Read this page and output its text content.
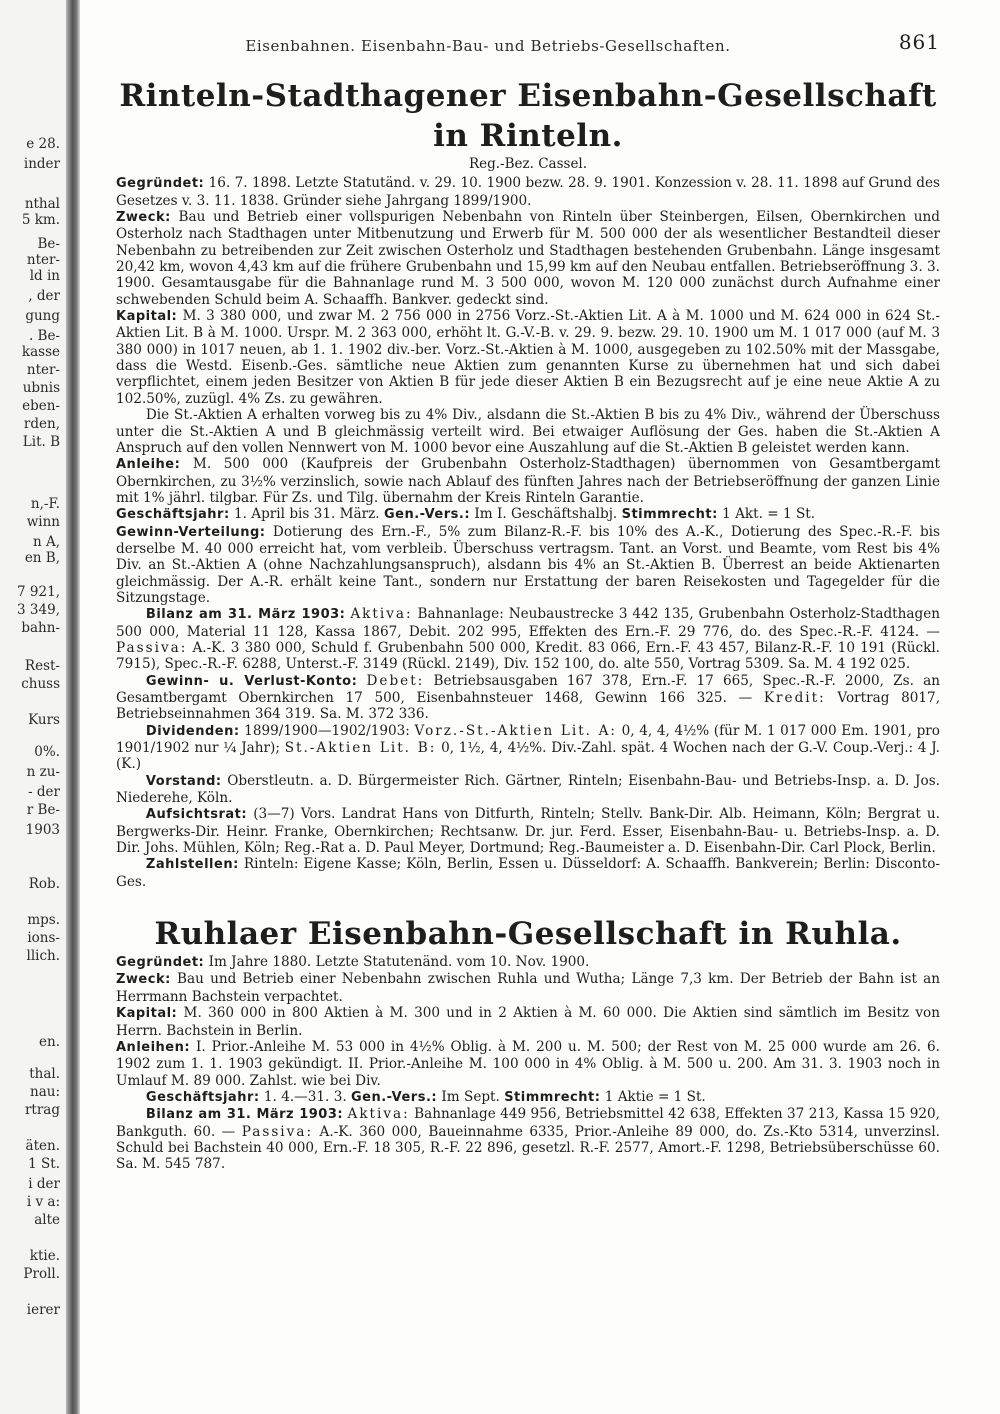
e 28.
inder
nthal
5 km.
Be-
nter-
ld in
, der
gung
. Be-
kasse
nter-
ubnis
eben-
rden,
Lit. B
n,-F.
winn
n A,
en B,
7 921,
3 349,
bahn-
Rest-
chuss
Kurs
0%.
n zu-
- der
r Be-
1903
Rob.
mps.
ions-
llich.
en.
thal.
nau:
rtrag
äten.
1 St.
i der
i v a:
alte
ktie.
Proll.
ierer
Eisenbahnen. Eisenbahn-Bau- und Betriebs-Gesellschaften.	861
Rinteln-Stadthagener Eisenbahn-Gesellschaft in Rinteln.

Reg.-Bez. Cassel.

Gegründet: 16. 7. 1898. Letzte Statutänd. v. 29. 10. 1900 bezw. 28. 9. 1901. Konzession v. 28. 11. 1898 auf Grund des Gesetzes v. 3. 11. 1838. Gründer siehe Jahrgang 1899/1900.

Zweck: Bau und Betrieb einer vollspurigen Nebenbahn von Rinteln über Steinbergen, Eilsen, Obernkirchen und Osterholz nach Stadthagen unter Mitbenutzung und Erwerb für M. 500 000 der als wesentlicher Bestandteil dieser Nebenbahn zu betreibenden zur Zeit zwischen Osterholz und Stadthagen bestehenden Grubenbahn. Länge insgesamt 20,42 km, wovon 4,43 km auf die frühere Grubenbahn und 15,99 km auf den Neubau entfallen. Betriebseröffnung 3. 3. 1900. Gesamtausgabe für die Bahnanlage rund M. 3 500 000, wovon M. 120 000 zunächst durch Aufnahme einer schwebenden Schuld beim A. Schaaffh. Bankver. gedeckt sind.

Kapital: M. 3 380 000, und zwar M. 2 756 000 in 2756 Vorz.-St.-Aktien Lit. A à M. 1000 und M. 624 000 in 624 St.-Aktien Lit. B à M. 1000. Urspr. M. 2 363 000, erhöht lt. G.-V.-B. v. 29. 9. bezw. 29. 10. 1900 um M. 1 017 000 (auf M. 3 380 000) in 1017 neuen, ab 1. 1. 1902 div.-ber. Vorz.-St.-Aktien à M. 1000, ausgegeben zu 102.50% mit der Massgabe, dass die Westd. Eisenb.-Ges. sämtliche neue Aktien zum genannten Kurse zu übernehmen hat und sich dabei verpflichtet, einem jeden Besitzer von Aktien B für jede dieser Aktien B ein Bezugsrecht auf je eine neue Aktie A zu 102.50%, zuzügl. 4% Zs. zu gewähren.

Die St.-Aktien A erhalten vorweg bis zu 4% Div., alsdann die St.-Aktien B bis zu 4% Div., während der Überschuss unter die St.-Aktien A und B gleichmässig verteilt wird. Bei etwaiger Auflösung der Ges. haben die St.-Aktien A Anspruch auf den vollen Nennwert von M. 1000 bevor eine Auszahlung auf die St.-Aktien B geleistet werden kann.

Anleihe: M. 500 000 (Kaufpreis der Grubenbahn Osterholz-Stadthagen) übernommen von Gesamtbergamt Obernkirchen, zu 3½% verzinslich, sowie nach Ablauf des fünften Jahres nach der Betriebseröffnung der ganzen Linie mit 1% jährl. tilgbar. Für Zs. und Tilg. übernahm der Kreis Rinteln Garantie.

Geschäftsjahr: 1. April bis 31. März. Gen.-Vers.: Im I. Geschäftshalbj. Stimmrecht: 1 Akt. = 1 St.

Gewinn-Verteilung: Dotierung des Ern.-F., 5% zum Bilanz-R.-F. bis 10% des A.-K., Dotierung des Spec.-R.-F. bis derselbe M. 40 000 erreicht hat, vom verbleib. Überschuss vertragsm. Tant. an Vorst. und Beamte, vom Rest bis 4% Div. an St.-Aktien A (ohne Nachzahlungsanspruch), alsdann bis 4% an St.-Aktien B. Überrest an beide Aktienarten gleichmässig. Der A.-R. erhält keine Tant., sondern nur Erstattung der baren Reisekosten und Tagegelder für die Sitzungstage.

Bilanz am 31. März 1903: Aktiva: Bahnanlage: Neubaustrecke 3 442 135, Grubenbahn Osterholz-Stadthagen 500 000, Material 11 128, Kassa 1867, Debit. 202 995, Effekten des Ern.-F. 29 776, do. des Spec.-R.-F. 4124. — Passiva: A.-K. 3 380 000, Schuld f. Grubenbahn 500 000, Kredit. 83 066, Ern.-F. 43 457, Bilanz-R.-F. 10 191 (Rückl. 7915), Spec.-R.-F. 6288, Unterst.-F. 3149 (Rückl. 2149), Div. 152 100, do. alte 550, Vortrag 5309. Sa. M. 4 192 025.

Gewinn- u. Verlust-Konto: Debet: Betriebsausgaben 167 378, Ern.-F. 17 665, Spec.-R.-F. 2000, Zs. an Gesamtbergamt Obernkirchen 17 500, Eisenbahnsteuer 1468, Gewinn 166 325. — Kredit: Vortrag 8017, Betriebseinnahmen 364 319. Sa. M. 372 336.

Dividenden: 1899/1900—1902/1903: Vorz.-St.-Aktien Lit. A: 0, 4, 4, 4½% (für M. 1 017 000 Em. 1901, pro 1901/1902 nur ¼ Jahr); St.-Aktien Lit. B: 0, 1½, 4, 4½%. Div.-Zahl. spät. 4 Wochen nach der G.-V. Coup.-Verj.: 4 J. (K.)

Vorstand: Oberstleutn. a. D. Bürgermeister Rich. Gärtner, Rinteln; Eisenbahn-Bau- und Betriebs-Insp. a. D. Jos. Niederehe, Köln.

Aufsichtsrat: (3—7) Vors. Landrat Hans von Ditfurth, Rinteln; Stellv. Bank-Dir. Alb. Heimann, Köln; Bergrat u. Bergwerks-Dir. Heinr. Franke, Obernkirchen; Rechtsanw. Dr. jur. Ferd. Esser, Eisenbahn-Bau- u. Betriebs-Insp. a. D. Dir. Johs. Mühlen, Köln; Reg.-Rat a. D. Paul Meyer, Dortmund; Reg.-Baumeister a. D. Eisenbahn-Dir. Carl Plock, Berlin.

Zahlstellen: Rinteln: Eigene Kasse; Köln, Berlin, Essen u. Düsseldorf: A. Schaaffh. Bankverein; Berlin: Disconto-Ges.

Ruhlaer Eisenbahn-Gesellschaft in Ruhla.

Gegründet: Im Jahre 1880. Letzte Statutenänd. vom 10. Nov. 1900.

Zweck: Bau und Betrieb einer Nebenbahn zwischen Ruhla und Wutha; Länge 7,3 km. Der Betrieb der Bahn ist an Herrmann Bachstein verpachtet.

Kapital: M. 360 000 in 800 Aktien à M. 300 und in 2 Aktien à M. 60 000. Die Aktien sind sämtlich im Besitz von Herrn. Bachstein in Berlin.

Anleihen: I. Prior.-Anleihe M. 53 000 in 4½% Oblig. à M. 200 u. M. 500; der Rest von M. 25 000 wurde am 26. 6. 1902 zum 1. 1. 1903 gekündigt. II. Prior.-Anleihe M. 100 000 in 4% Oblig. à M. 500 u. 200. Am 31. 3. 1903 noch in Umlauf M. 89 000. Zahlst. wie bei Div.

Geschäftsjahr: 1. 4.—31. 3. Gen.-Vers.: Im Sept. Stimmrecht: 1 Aktie = 1 St.

Bilanz am 31. März 1903: Aktiva: Bahnanlage 449 956, Betriebsmittel 42 638, Effekten 37 213, Kassa 15 920, Bankguth. 60. — Passiva: A.-K. 360 000, Baueinnahme 6335, Prior.-Anleihe 89 000, do. Zs.-Kto 5314, unverzinsl. Schuld bei Bachstein 40 000, Ern.-F. 18 305, R.-F. 22 896, gesetzl. R.-F. 2577, Amort.-F. 1298, Betriebsüberschüsse 60. Sa. M. 545 787.
